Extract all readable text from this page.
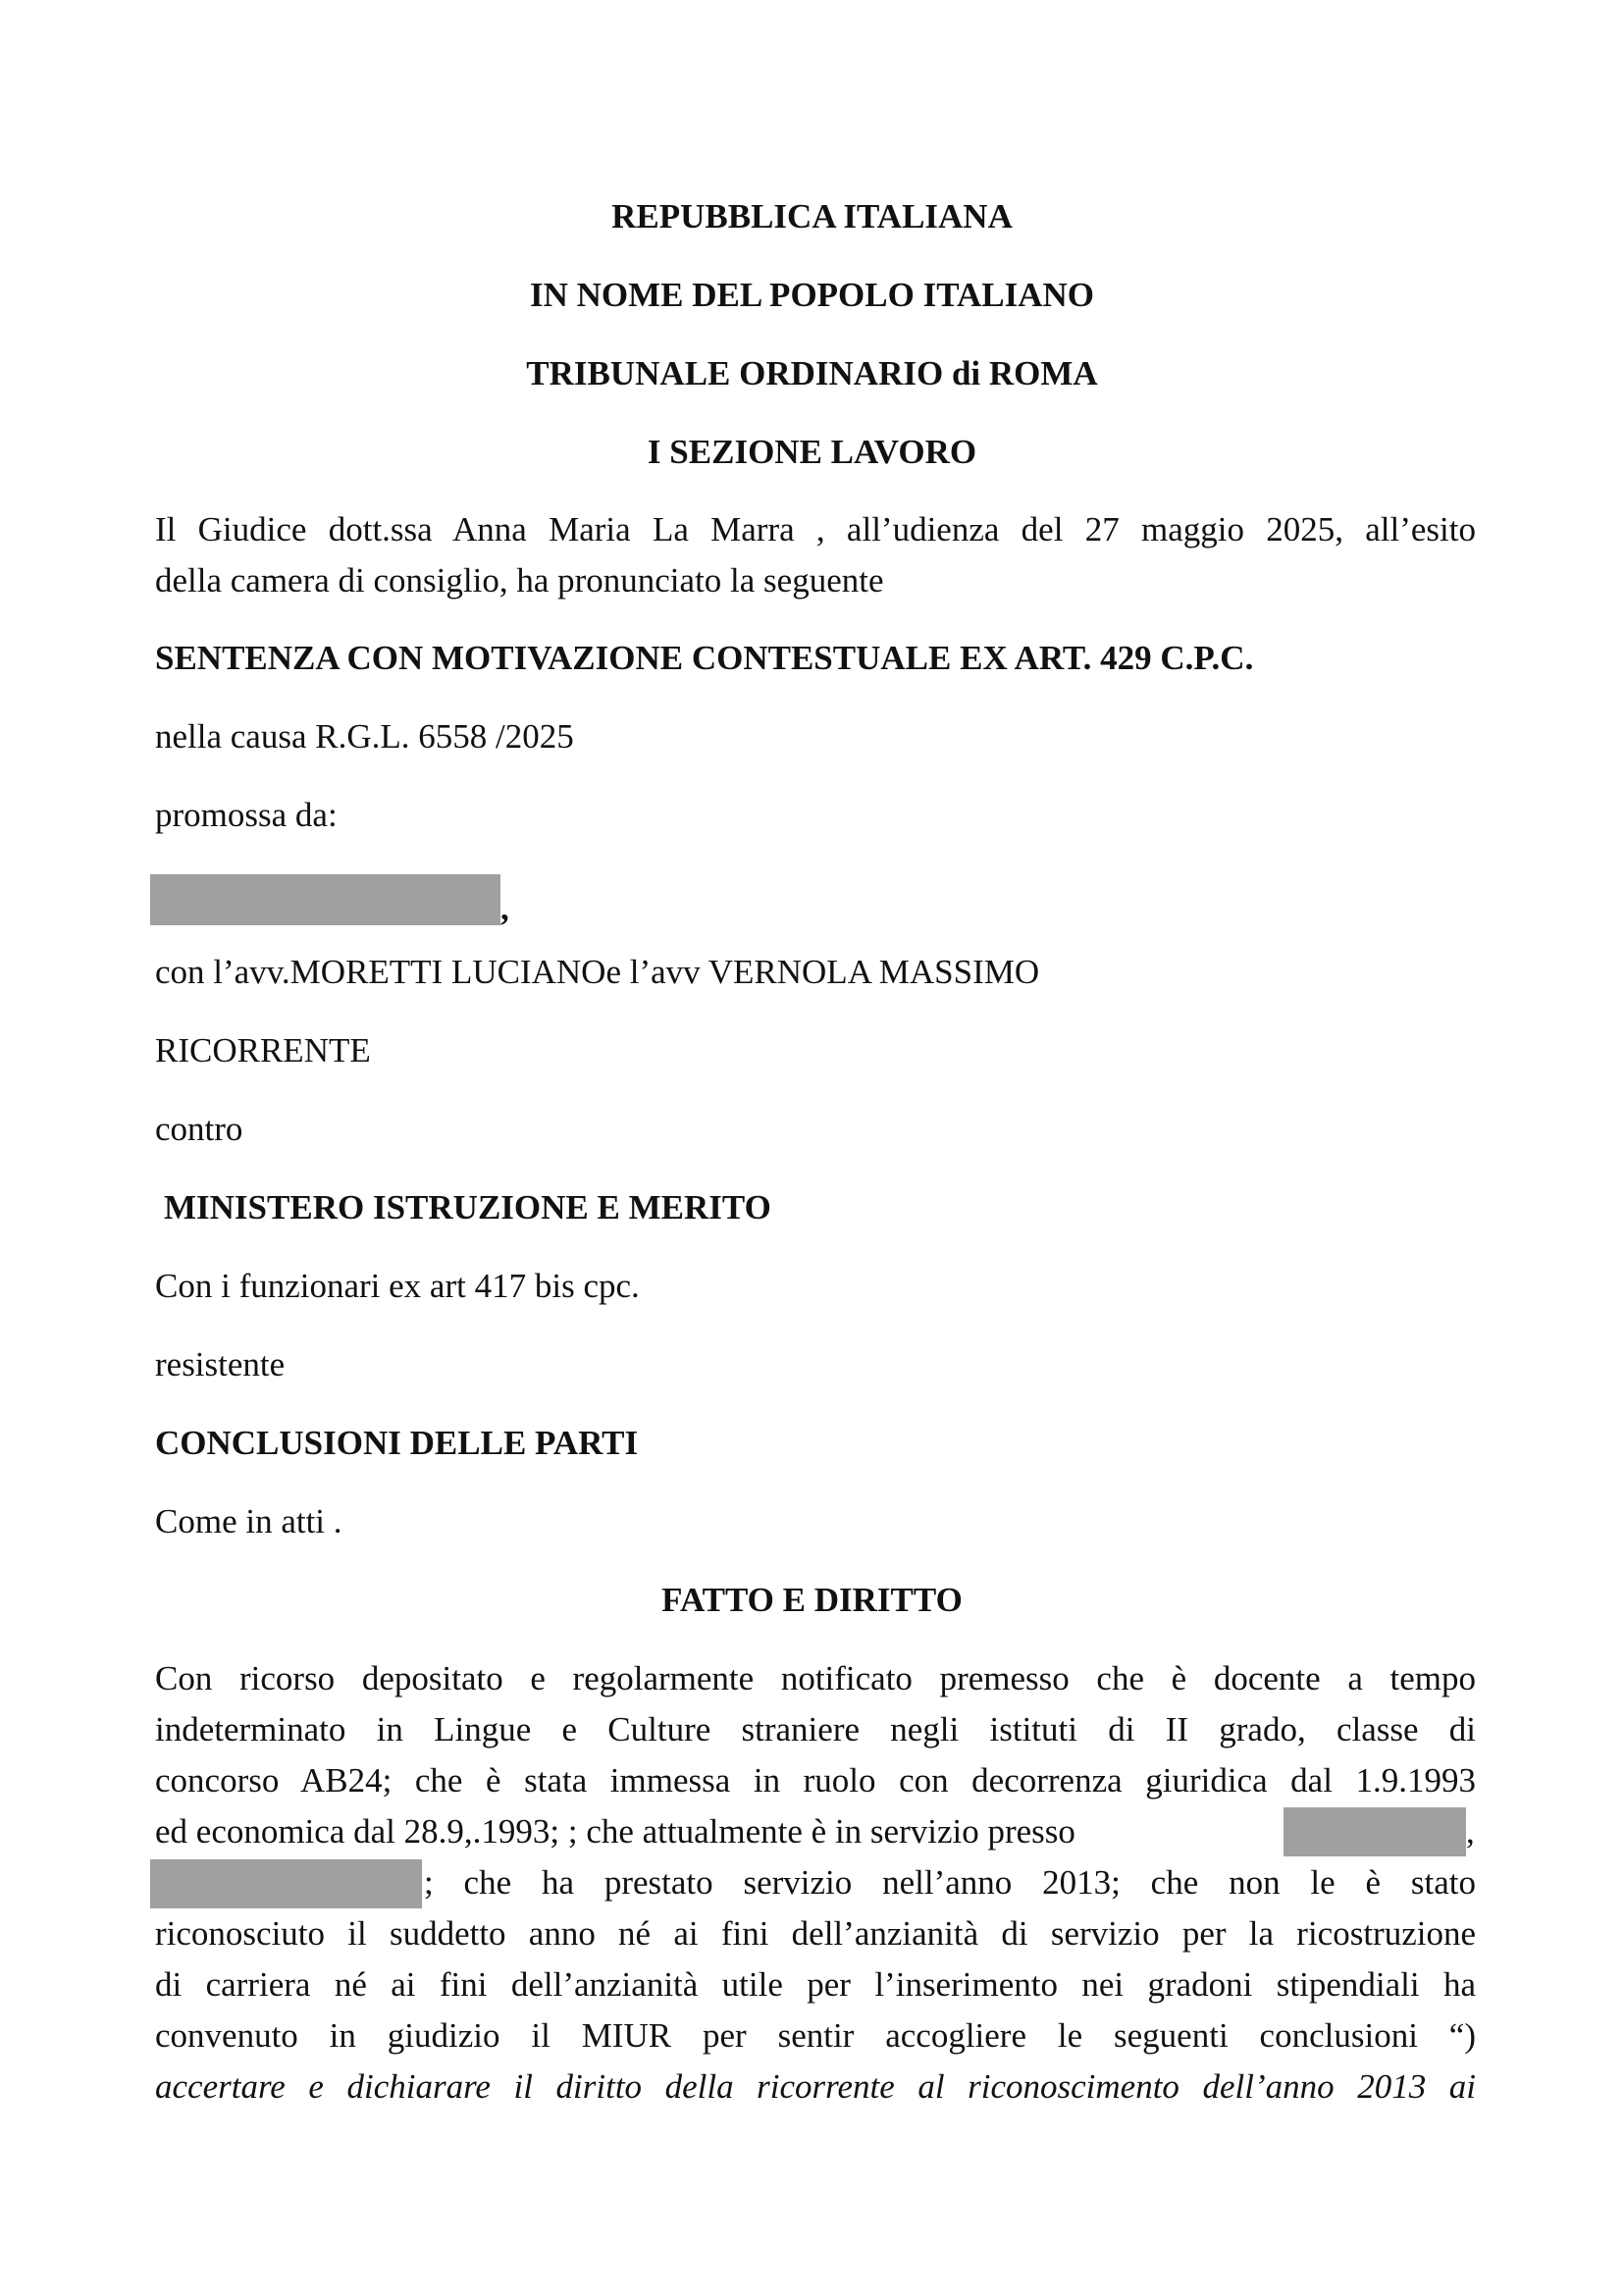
REPUBBLICA ITALIANA
IN NOME DEL POPOLO ITALIANO
TRIBUNALE ORDINARIO di ROMA
I SEZIONE LAVORO
Il Giudice dott.ssa Anna Maria La Marra , all’udienza del 27 maggio 2025, all’esito
della camera di consiglio, ha pronunciato la seguente
SENTENZA CON MOTIVAZIONE CONTESTUALE EX ART. 429 C.P.C.
nella causa R.G.L. 6558 /2025
promossa da:
,
con l’avv.MORETTI LUCIANOe l’avv VERNOLA MASSIMO
RICORRENTE
contro
MINISTERO ISTRUZIONE E MERITO
Con i funzionari ex art 417 bis cpc.
resistente
CONCLUSIONI DELLE PARTI
Come in atti .
FATTO E DIRITTO
Con ricorso depositato e regolarmente notificato premesso che è docente a tempo
indeterminato in Lingue e Culture straniere negli istituti di II grado, classe di
concorso AB24; che è stata immessa in ruolo con decorrenza giuridica dal 1.9.1993
ed economica dal 28.9,.1993; ; che attualmente è in servizio presso	,
; che ha prestato servizio nell’anno 2013; che non le è stato
riconosciuto il suddetto anno né ai fini dell’anzianità di servizio per la ricostruzione
di carriera né ai fini dell’anzianità utile per l’inserimento nei gradoni stipendiali ha
convenuto in giudizio il MIUR per sentir accogliere le seguenti conclusioni “)
accertare e dichiarare il diritto della ricorrente al riconoscimento dell’anno 2013 ai
